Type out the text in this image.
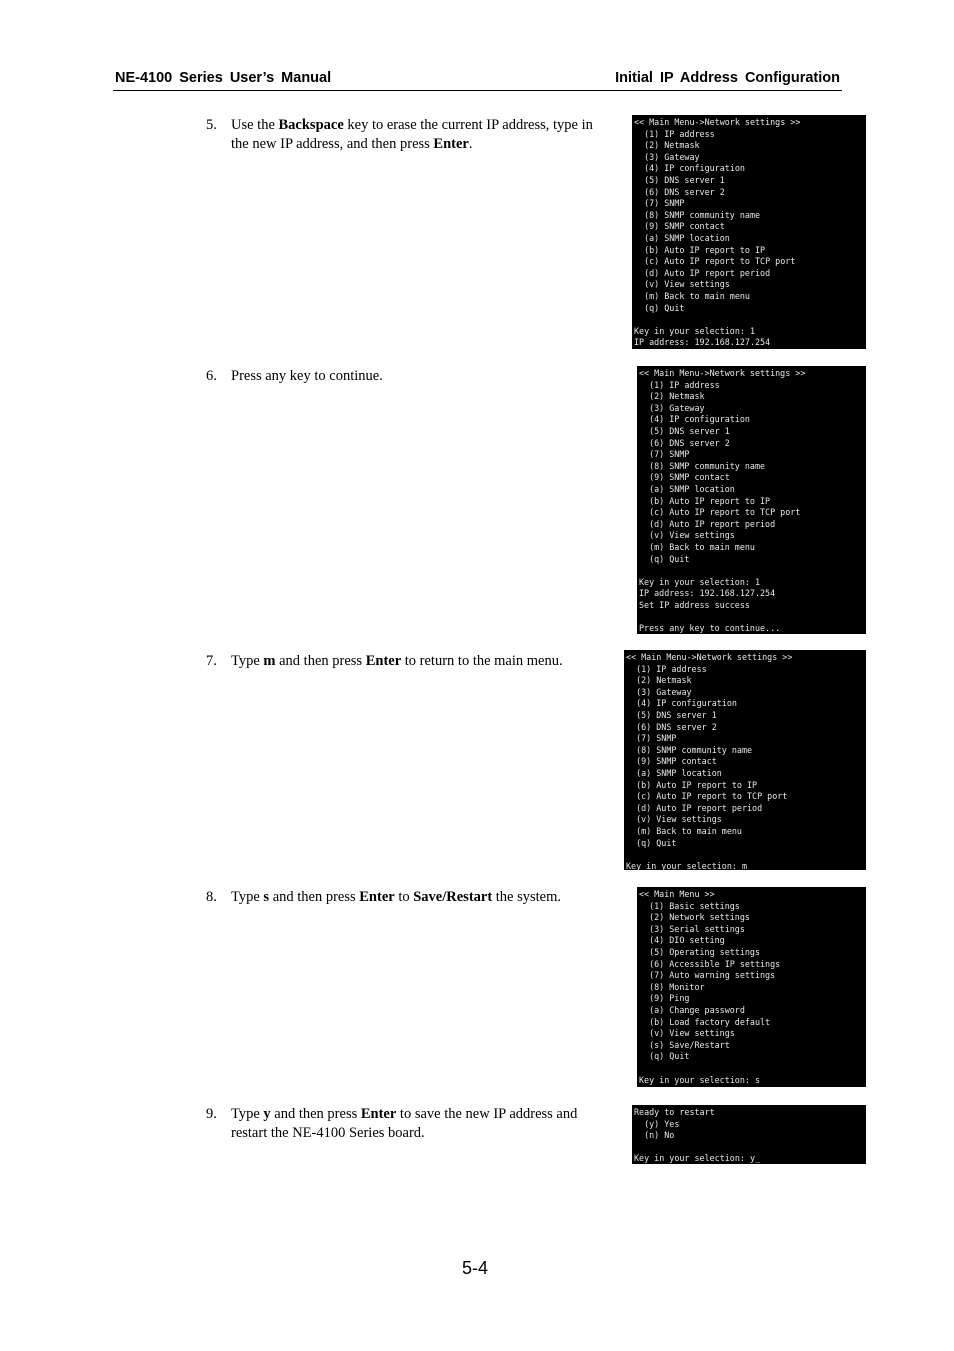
NE-4100 Series User’s Manual	Initial IP Address Configuration
5. Use the Backspace key to erase the current IP address, type in the new IP address, and then press Enter.
6. Press any key to continue.
7. Type m and then press Enter to return to the main menu.
8. Type s and then press Enter to Save/Restart the system.
9. Type y and then press Enter to save the new IP address and restart the NE-4100 Series board.
<< Main Menu->Network settings >>
(1) IP address
(2) Netmask
(3) Gateway
(4) IP configuration
(5) DNS server 1
(6) DNS server 2
(7) SNMP
(8) SNMP community name
(9) SNMP contact
(a) SNMP location
(b) Auto IP report to IP
(c) Auto IP report to TCP port
(d) Auto IP report period
(v) View settings
(m) Back to main menu
(q) Quit
Key in your selection: 1
IP address: 192.168.127.254
<< Main Menu->Network settings >>
(1) IP address
(2) Netmask
(3) Gateway
(4) IP configuration
(5) DNS server 1
(6) DNS server 2
(7) SNMP
(8) SNMP community name
(9) SNMP contact
(a) SNMP location
(b) Auto IP report to IP
(c) Auto IP report to TCP port
(d) Auto IP report period
(v) View settings
(m) Back to main menu
(q) Quit
Key in your selection: 1
IP address: 192.168.127.254
Set IP address success
Press any key to continue...
<< Main Menu->Network settings >>
(1) IP address
(2) Netmask
(3) Gateway
(4) IP configuration
(5) DNS server 1
(6) DNS server 2
(7) SNMP
(8) SNMP community name
(9) SNMP contact
(a) SNMP location
(b) Auto IP report to IP
(c) Auto IP report to TCP port
(d) Auto IP report period
(v) View settings
(m) Back to main menu
(q) Quit
Key in your selection: m_
<< Main Menu >>
(1) Basic settings
(2) Network settings
(3) Serial settings
(4) DIO setting
(5) Operating settings
(6) Accessible IP settings
(7) Auto warning settings
(8) Monitor
(9) Ping
(a) Change password
(b) Load factory default
(v) View settings
(s) Save/Restart
(q) Quit
Key in your selection: s
Ready to restart
(y) Yes
(n) No
Key in your selection: y_
5-4
